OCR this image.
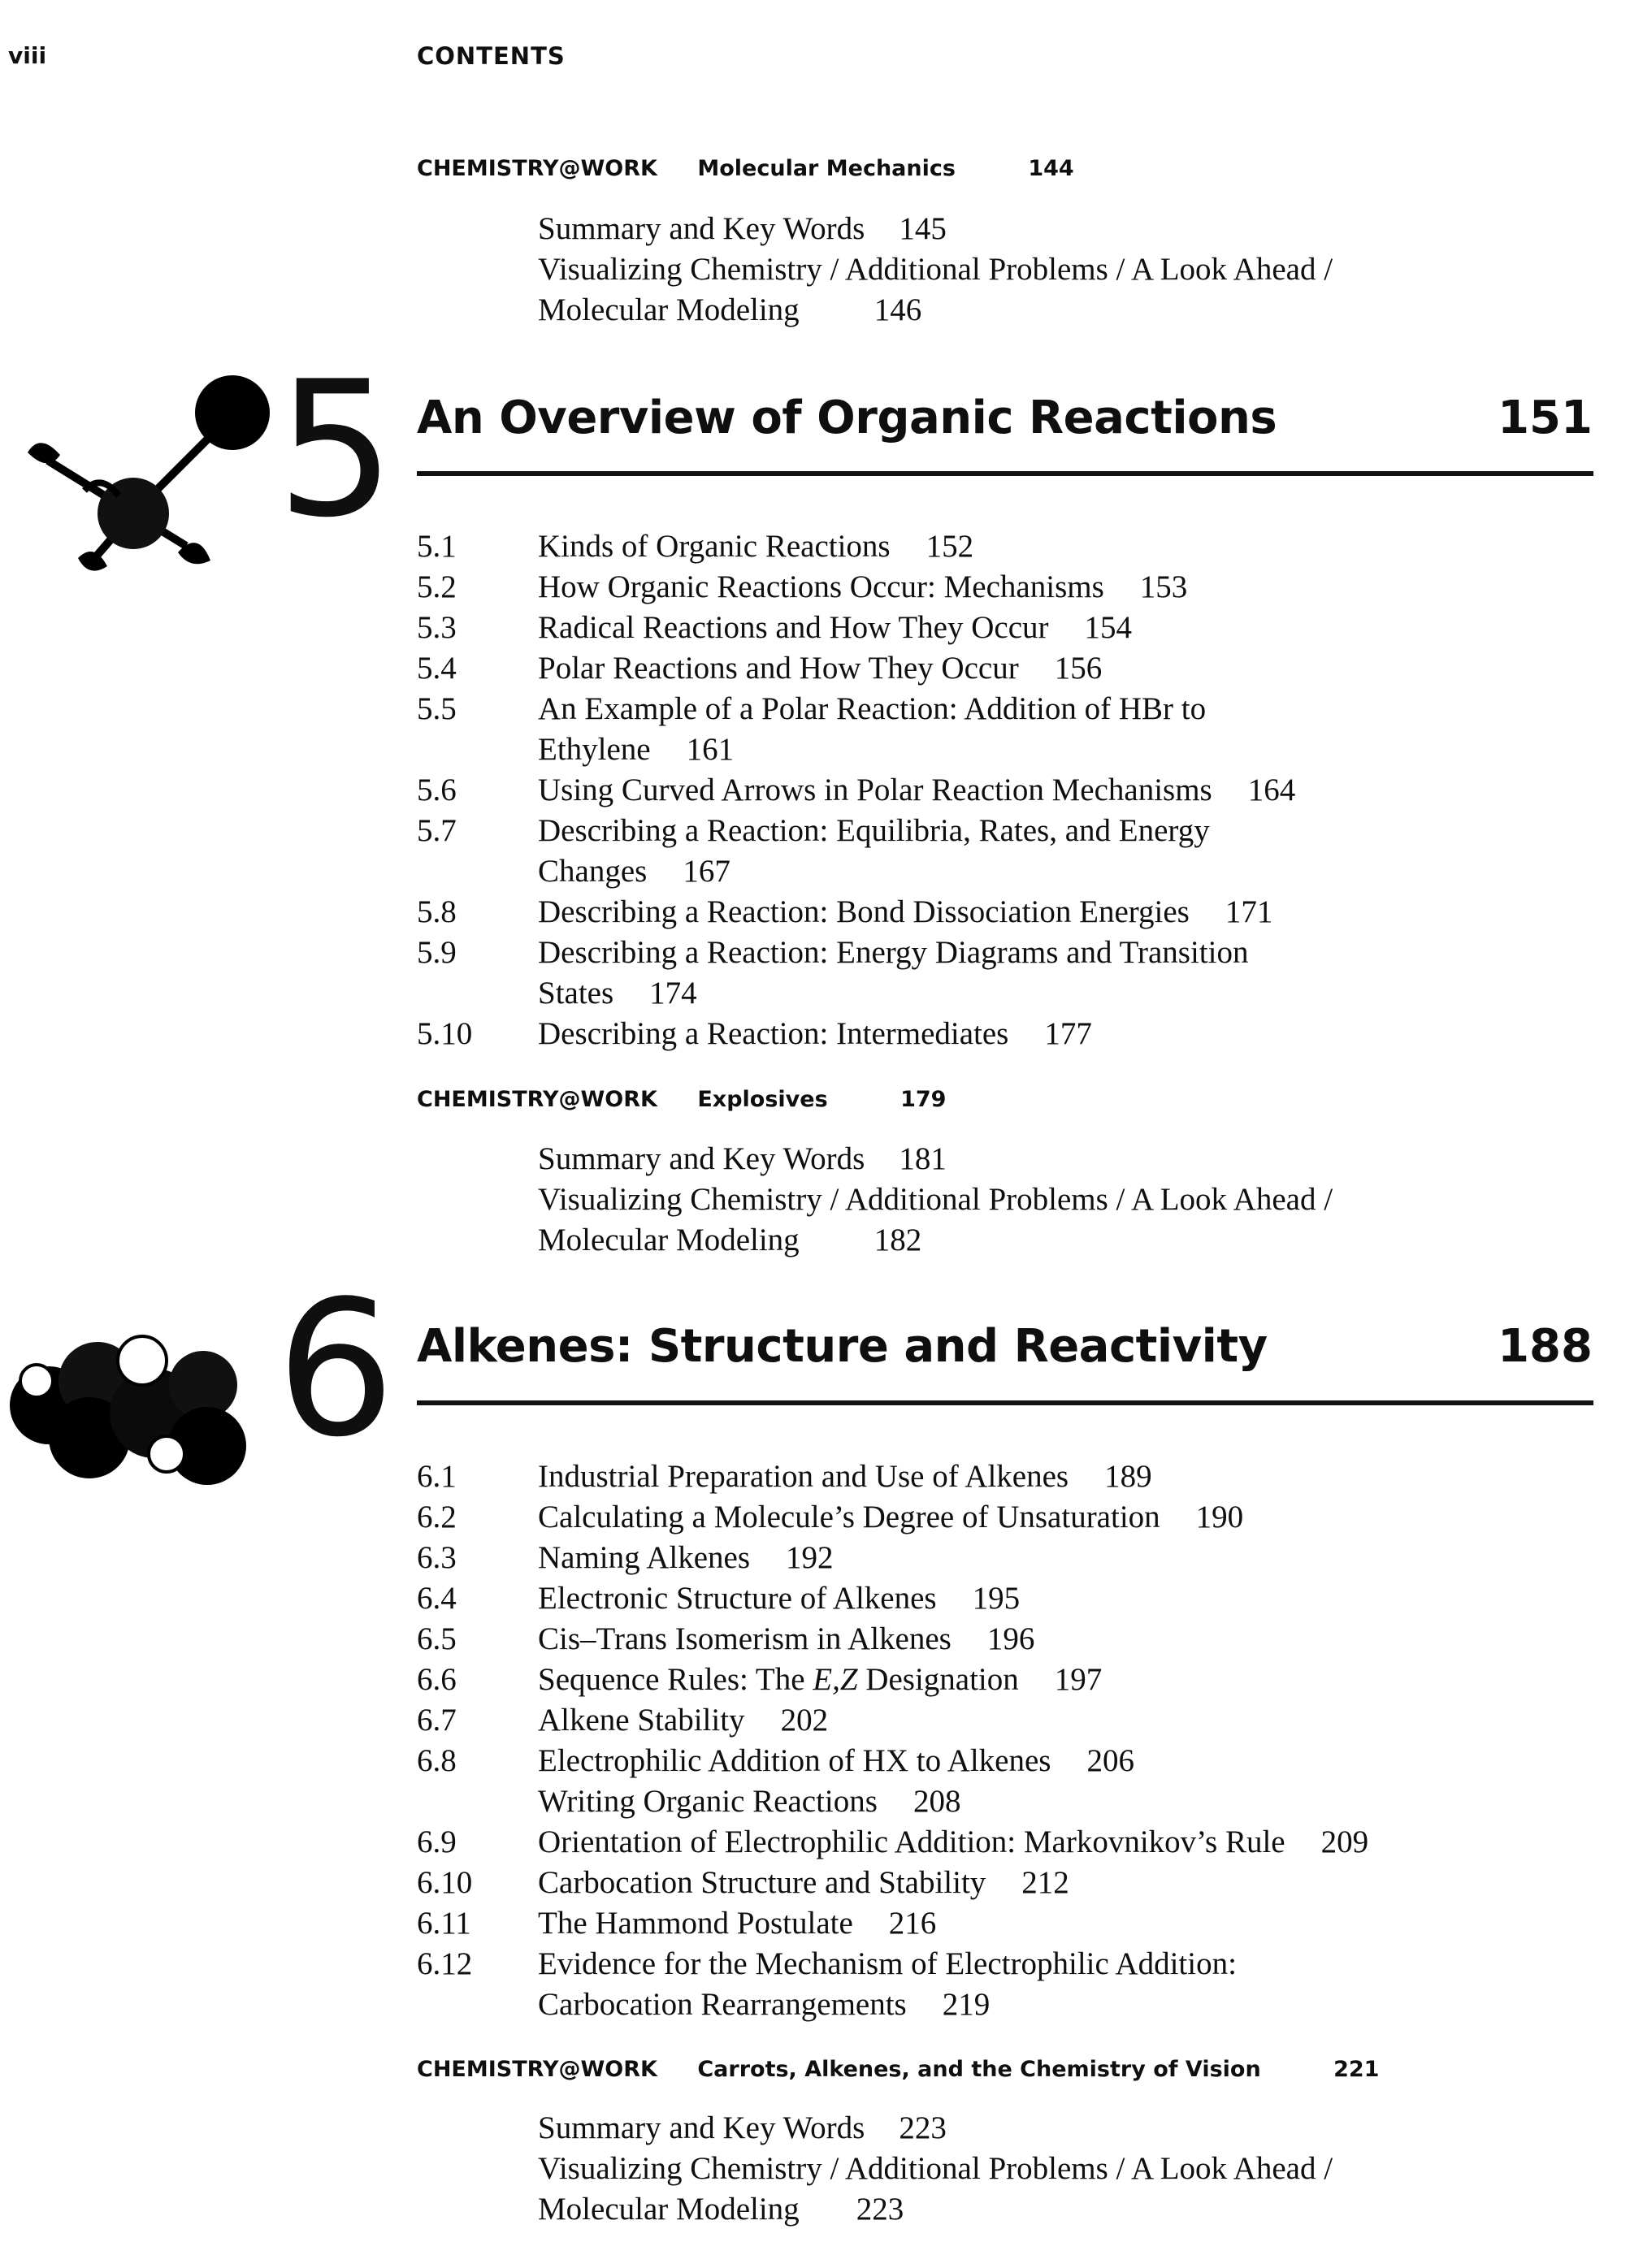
viii	CONTENTS
CHEMISTRY@WORK Molecular Mechanics	144
Summary and Key Words 145
Visualizing Chemistry / Additional Problems / A Look Ahead /
Molecular Modeling 146
5 An Overview of Organic Reactions	151
5.1	Kinds of Organic Reactions 152
5.2	How Organic Reactions Occur: Mechanisms 153
5.3	Radical Reactions and How They Occur 154
5.4	Polar Reactions and How They Occur 156
5.5	An Example of a Polar Reaction: Addition of HBr to
Ethylene 161
5.6	Using Curved Arrows in Polar Reaction Mechanisms 164
5.7	Describing a Reaction: Equilibria, Rates, and Energy
Changes 167
5.8	Describing a Reaction: Bond Dissociation Energies 171
5.9	Describing a Reaction: Energy Diagrams and Transition
States 174
5.10 Describing a Reaction: Intermediates 177
CHEMISTRY@WORK Explosives	179
Summary and Key Words 181
Visualizing Chemistry / Additional Problems / A Look Ahead /
Molecular Modeling 182
6 Alkenes: Structure and Reactivity	188
6.1	Industrial Preparation and Use of Alkenes 189
6.2	Calculating a Molecule’s Degree of Unsaturation 190
6.3	Naming Alkenes 192
6.4	Electronic Structure of Alkenes 195
6.5	Cis–Trans Isomerism in Alkenes 196
6.6	Sequence Rules: The E,Z Designation 197
6.7	Alkene Stability 202
6.8	Electrophilic Addition of HX to Alkenes 206
Writing Organic Reactions 208
6.9	Orientation of Electrophilic Addition: Markovnikov’s Rule 209
6.10 Carbocation Structure and Stability 212
6.11 The Hammond Postulate 216
6.12 Evidence for the Mechanism of Electrophilic Addition:
Carbocation Rearrangements 219
CHEMISTRY@WORK Carrots, Alkenes, and the Chemistry of Vision	221
Summary and Key Words 223
Visualizing Chemistry / Additional Problems / A Look Ahead /
Molecular Modeling 223
